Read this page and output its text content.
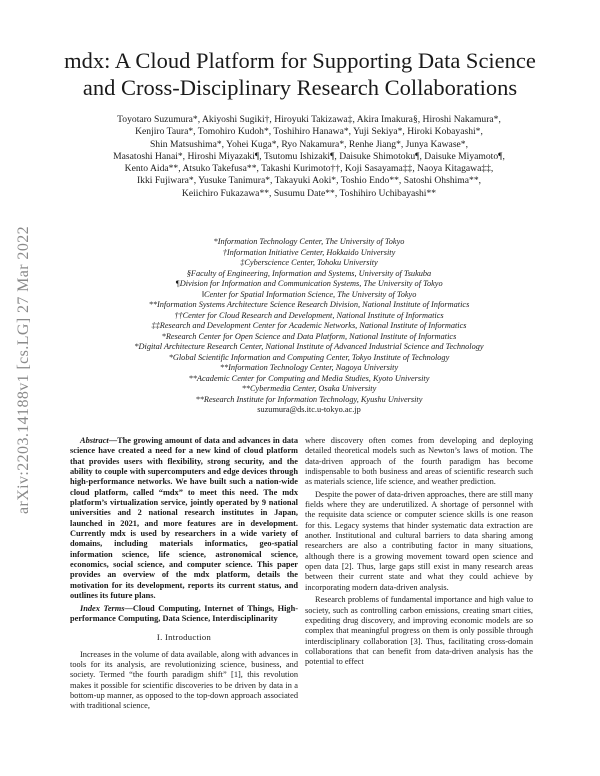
arXiv:2203.14188v1 [cs.LG] 27 Mar 2022
mdx: A Cloud Platform for Supporting Data Science
and Cross-Disciplinary Research Collaborations
Toyotaro Suzumura*, Akiyoshi Sugiki†, Hiroyuki Takizawa‡, Akira Imakura§, Hiroshi Nakamura*,
Kenjiro Taura*, Tomohiro Kudoh*, Toshihiro Hanawa*, Yuji Sekiya*, Hiroki Kobayashi*,
Shin Matsushima*, Yohei Kuga*, Ryo Nakamura*, Renhe Jiang*, Junya Kawase*,
Masatoshi Hanai*, Hiroshi Miyazaki¶, Tsutomu Ishizaki¶, Daisuke Shimotoku¶, Daisuke Miyamoto¶,
Kento Aida**, Atsuko Takefusa**, Takashi Kurimoto††, Koji Sasayama‡‡, Naoya Kitagawa‡‡,
Ikki Fujiwara*, Yusuke Tanimura*, Takayuki Aoki*, Toshio Endo**, Satoshi Ohshima**,
Keiichiro Fukazawa**, Susumu Date**, Toshihiro Uchibayashi**
*Information Technology Center, The University of Tokyo
†Information Initiative Center, Hokkaido University
‡Cyberscience Center, Tohoku University
§Faculty of Engineering, Information and Systems, University of Tsukuba
¶Division for Information and Communication Systems, The University of Tokyo
‖Center for Spatial Information Science, The University of Tokyo
**Information Systems Architecture Science Research Division, National Institute of Informatics
††Center for Cloud Research and Development, National Institute of Informatics
‡‡Research and Development Center for Academic Networks, National Institute of Informatics
*Research Center for Open Science and Data Platform, National Institute of Informatics
*Digital Architecture Research Center, National Institute of Advanced Industrial Science and Technology
*Global Scientific Information and Computing Center, Tokyo Institute of Technology
**Information Technology Center, Nagoya University
**Academic Center for Computing and Media Studies, Kyoto University
**Cybermedia Center, Osaka University
**Research Institute for Information Technology, Kyushu University
suzumura@ds.itc.u-tokyo.ac.jp

Abstract—The growing amount of data and advances in data science have created a need for a new kind of cloud platform that provides users with flexibility, strong security, and the ability to couple with supercomputers and edge devices through high-performance networks. We have built such a nation-wide cloud platform, called “mdx” to meet this need. The mdx platform’s virtualization service, jointly operated by 9 national universities and 2 national research institutes in Japan, launched in 2021, and more features are in development. Currently mdx is used by researchers in a wide variety of domains, including materials informatics, geo-spatial information science, life science, astronomical science, economics, social science, and computer science. This paper provides an overview of the mdx platform, details the motivation for its development, reports its current status, and outlines its future plans.

Index Terms—Cloud Computing, Internet of Things, High-performance Computing, Data Science, Interdisciplinarity

I. Introduction

Increases in the volume of data available, along with advances in tools for its analysis, are revolutionizing science, business, and society. Termed “the fourth paradigm shift” [1], this revolution makes it possible for scientific discoveries to be driven by data in a bottom-up manner, as opposed to the top-down approach associated with traditional science,

where discovery often comes from developing and deploying detailed theoretical models such as Newton’s laws of motion. The data-driven approach of the fourth paradigm has become indispensable to both business and areas of scientific research such as materials science, life science, and weather prediction.

Despite the power of data-driven approaches, there are still many fields where they are underutilized. A shortage of personnel with the requisite data science or computer science skills is one reason for this. Legacy systems that hinder systematic data extraction are another. Institutional and cultural barriers to data sharing among researchers are also a contributing factor in many situations, although there is a growing movement toward open science and open data [2]. Thus, large gaps still exist in many research areas between their current state and what they could achieve by incorporating modern data-driven analysis.

Research problems of fundamental importance and high value to society, such as controlling carbon emissions, creating smart cities, expediting drug discovery, and improving economic models are so complex that meaningful progress on them is only possible through interdisciplinary collaboration [3]. Thus, facilitating cross-domain collaborations that can benefit from data-driven analysis has the potential to effect
